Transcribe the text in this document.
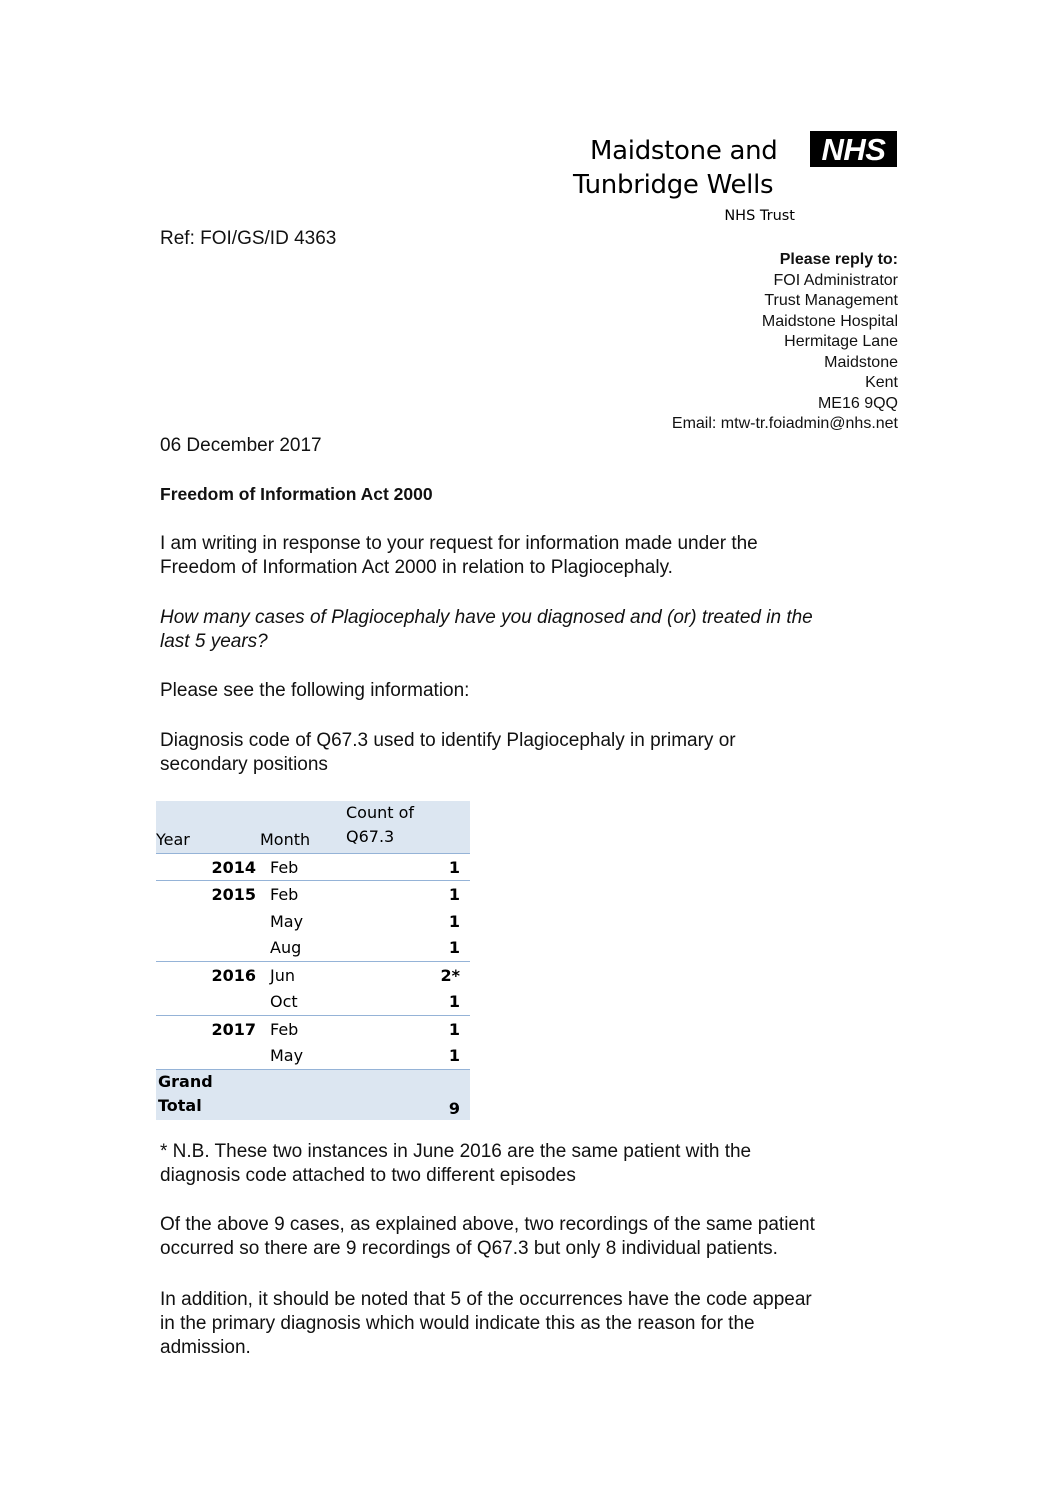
Maidstone and
Tunbridge Wells
NHS
NHS Trust
Ref: FOI/GS/ID 4363
Please reply to:
FOI Administrator
Trust Management
Maidstone Hospital
Hermitage Lane
Maidstone
Kent
ME16 9QQ
Email: mtw-tr.foiadmin@nhs.net
06 December 2017
Freedom of Information Act 2000
I am writing in response to your request for information made under the
Freedom of Information Act 2000 in relation to Plagiocephaly.
How many cases of Plagiocephaly have you diagnosed and (or) treated in the
last 5 years?
Please see the following information:
Diagnosis code of Q67.3 used to identify Plagiocephaly in primary or
secondary positions
Year	Month	Count of
Q67.3

2014	Feb	1
2015	Feb	1
	May	1
	Aug	1
2016	Jun	2*
	Oct	1
2017	Feb	1
	May	1

Grand
Total		9
* N.B. These two instances in June 2016 are the same patient with the
diagnosis code attached to two different episodes
Of the above 9 cases, as explained above, two recordings of the same patient
occurred so there are 9 recordings of Q67.3 but only 8 individual patients.
In addition, it should be noted that 5 of the occurrences have the code appear
in the primary diagnosis which would indicate this as the reason for the
admission.
